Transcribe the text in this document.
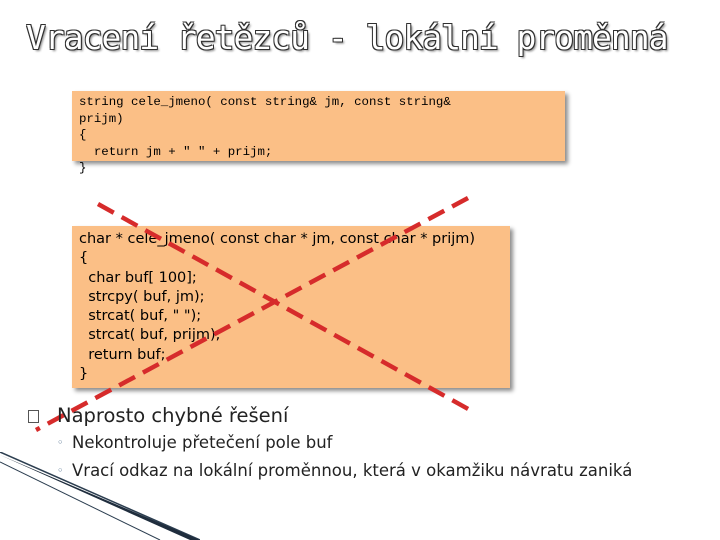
Vracení řetězců - lokální proměnná
string cele_jmeno( const string& jm, const string&
prijm)
{
return jm + " " + prijm;
}
char * cele_jmeno( const char * jm, const char * prijm)
{
char buf[ 100];
strcpy( buf, jm);
strcat( buf, " ");
strcat( buf, prijm);
return buf;
}
Naprosto chybné řešení
◦ Nekontroluje přetečení pole buf
◦ Vrací odkaz na lokální proměnnou, která v okamžiku návratu zaniká
